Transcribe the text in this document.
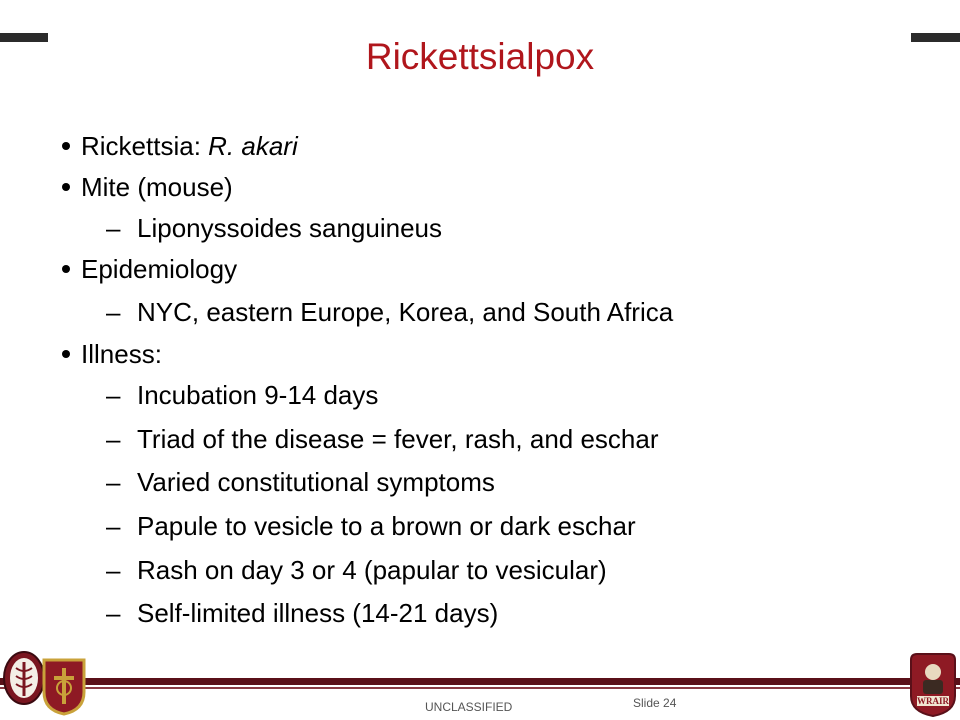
Rickettsialpox
Rickettsia: R. akari
Mite (mouse)
– Liponyssoides sanguineus
Epidemiology
– NYC, eastern Europe, Korea, and South Africa
Illness:
– Incubation 9-14 days
– Triad of the disease = fever, rash, and eschar
– Varied constitutional symptoms
– Papule to vesicle to a brown or dark eschar
– Rash on day 3 or 4 (papular to vesicular)
– Self-limited illness (14-21 days)
WRAIR
UNCLASSIFIED	Slide 24
